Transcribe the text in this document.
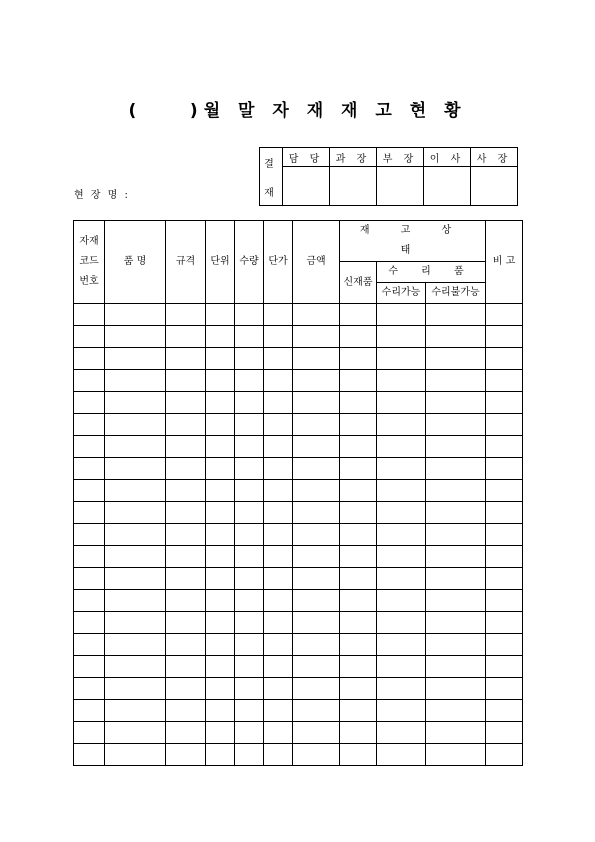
(    )월 말 자 재 재 고 현 황
현 장 명 :
결
재	담 당	과 장	부 장	이 사	사 장

자재
코드
번호	품 명	규격	단위	수량	단가	금액	재 고 상 태			비 고
							신재품	수 리 품		
								수리가능	수리불가능	
